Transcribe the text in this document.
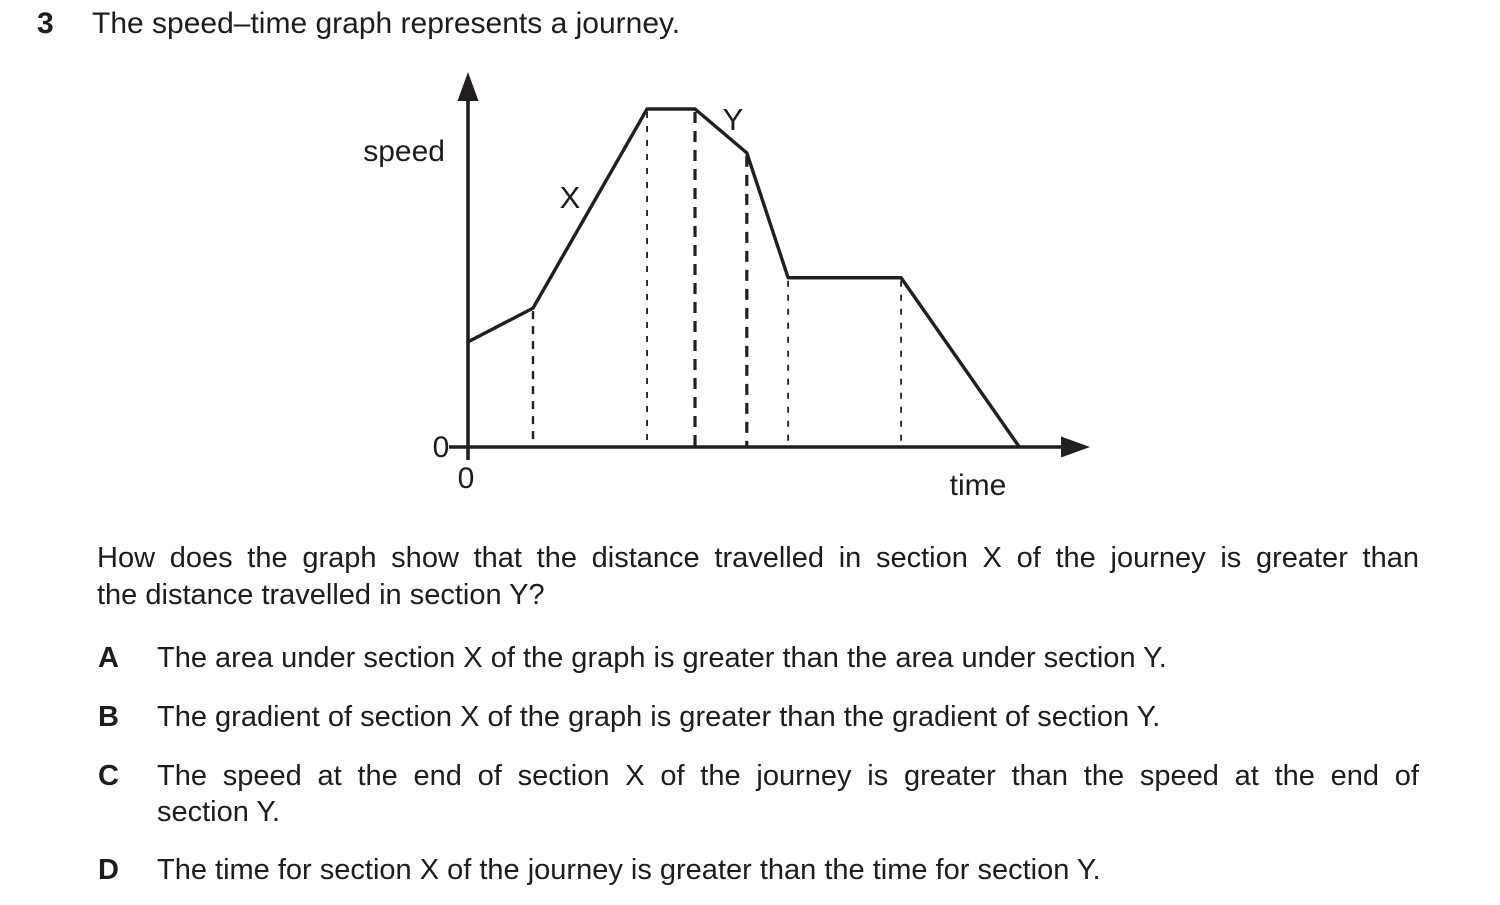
3 The speed–time graph represents a journey.
X
Y
speed
0
0	time
How does the graph show that the distance travelled in section X of the journey is greater than
the distance travelled in section Y?
A The area under section X of the graph is greater than the area under section Y.
B The gradient of section X of the graph is greater than the gradient of section Y.
C The speed at the end of section X of the journey is greater than the speed at the end of
section Y.
D The time for section X of the journey is greater than the time for section Y.
